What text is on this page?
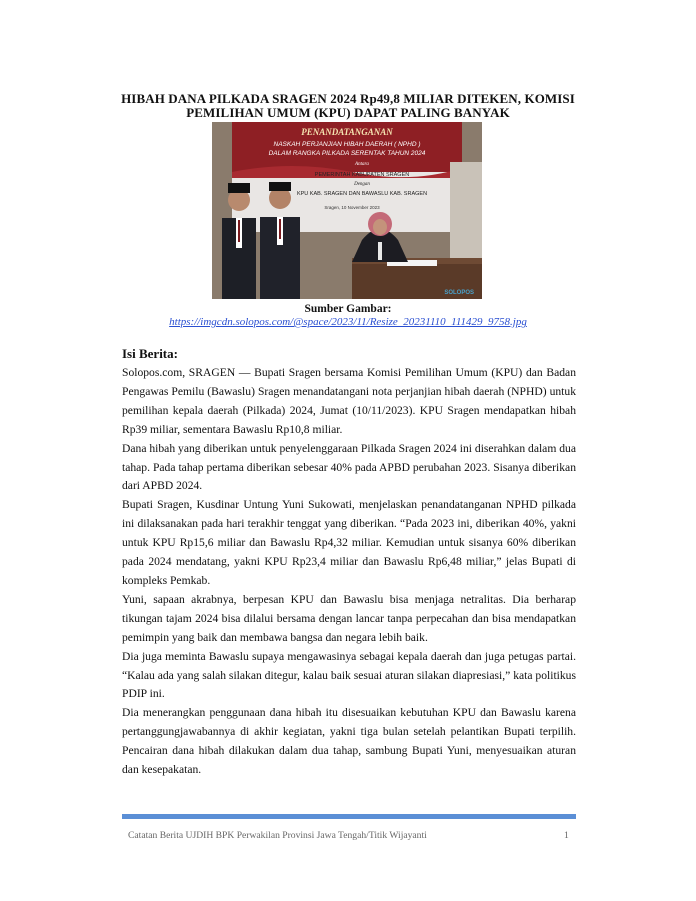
HIBAH DANA PILKADA SRAGEN 2024 Rp49,8 MILIAR DITEKEN, KOMISI PEMILIHAN UMUM (KPU) DAPAT PALING BANYAK
PENANDATANGANAN
NASKAH PERJANJIAN HIBAH DAERAH ( NPHD )
DALAM RANGKA PILKADA SERENTAK TAHUN 2024
Antara
PEMERINTAH KABUPATEN SRAGEN
Dengan
KPU KAB. SRAGEN DAN BAWASLU KAB. SRAGEN
Sragen, 10 November 2023
SOLOPOS
Sumber Gambar:
https://imgcdn.solopos.com/@space/2023/11/Resize_20231110_111429_9758.jpg
Isi Berita:

Solopos.com, SRAGEN — Bupati Sragen bersama Komisi Pemilihan Umum (KPU) dan Badan Pengawas Pemilu (Bawaslu) Sragen menandatangani nota perjanjian hibah daerah (NPHD) untuk pemilihan kepala daerah (Pilkada) 2024, Jumat (10/11/2023). KPU Sragen mendapatkan hibah Rp39 miliar, sementara Bawaslu Rp10,8 miliar.

Dana hibah yang diberikan untuk penyelenggaraan Pilkada Sragen 2024 ini diserahkan dalam dua tahap. Pada tahap pertama diberikan sebesar 40% pada APBD perubahan 2023. Sisanya diberikan dari APBD 2024.

Bupati Sragen, Kusdinar Untung Yuni Sukowati, menjelaskan penandatanganan NPHD pilkada ini dilaksanakan pada hari terakhir tenggat yang diberikan. “Pada 2023 ini, diberikan 40%, yakni untuk KPU Rp15,6 miliar dan Bawaslu Rp4,32 miliar. Kemudian untuk sisanya 60% diberikan pada 2024 mendatang, yakni KPU Rp23,4 miliar dan Bawaslu Rp6,48 miliar,” jelas Bupati di kompleks Pemkab.

Yuni, sapaan akrabnya, berpesan KPU dan Bawaslu bisa menjaga netralitas. Dia berharap tikungan tajam 2024 bisa dilalui bersama dengan lancar tanpa perpecahan dan bisa mendapatkan pemimpin yang baik dan membawa bangsa dan negara lebih baik.

Dia juga meminta Bawaslu supaya mengawasinya sebagai kepala daerah dan juga petugas partai. “Kalau ada yang salah silakan ditegur, kalau baik sesuai aturan silakan diapresiasi,” kata politikus PDIP ini.

Dia menerangkan penggunaan dana hibah itu disesuaikan kebutuhan KPU dan Bawaslu karena pertanggungjawabannya di akhir kegiatan, yakni tiga bulan setelah pelantikan Bupati terpilih. Pencairan dana hibah dilakukan dalam dua tahap, sambung Bupati Yuni, menyesuaikan aturan dan kesepakatan.

Catatan Berita UJDIH BPK Perwakilan Provinsi Jawa Tengah/Titik Wijayanti	1
